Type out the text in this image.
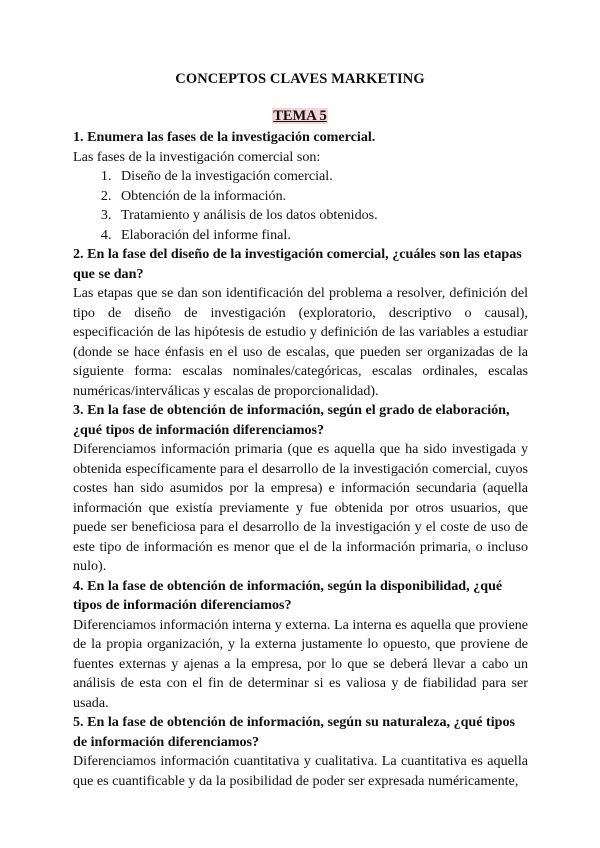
CONCEPTOS CLAVES MARKETING
TEMA 5

1. Enumera las fases de la investigación comercial.

Las fases de la investigación comercial son:

1. Diseño de la investigación comercial.
2. Obtención de la información.
3. Tratamiento y análisis de los datos obtenidos.
4. Elaboración del informe final.

2. En la fase del diseño de la investigación comercial, ¿cuáles son las etapas que se dan?

Las etapas que se dan son identificación del problema a resolver, definición del tipo de diseño de investigación (exploratorio, descriptivo o causal), especificación de las hipótesis de estudio y definición de las variables a estudiar (donde se hace énfasis en el uso de escalas, que pueden ser organizadas de la siguiente forma: escalas nominales/categóricas, escalas ordinales, escalas numéricas/interválicas y escalas de proporcionalidad).

3. En la fase de obtención de información, según el grado de elaboración, ¿qué tipos de información diferenciamos?

Diferenciamos información primaria (que es aquella que ha sido investigada y obtenida específicamente para el desarrollo de la investigación comercial, cuyos costes han sido asumidos por la empresa) e información secundaria (aquella información que existía previamente y fue obtenida por otros usuarios, que puede ser beneficiosa para el desarrollo de la investigación y el coste de uso de este tipo de información es menor que el de la información primaria, o incluso nulo).

4. En la fase de obtención de información, según la disponibilidad, ¿qué tipos de información diferenciamos?

Diferenciamos información interna y externa. La interna es aquella que proviene de la propia organización, y la externa justamente lo opuesto, que proviene de fuentes externas y ajenas a la empresa, por lo que se deberá llevar a cabo un análisis de esta con el fin de determinar si es valiosa y de fiabilidad para ser usada.

5. En la fase de obtención de información, según su naturaleza, ¿qué tipos de información diferenciamos?

Diferenciamos información cuantitativa y cualitativa. La cuantitativa es aquella que es cuantificable y da la posibilidad de poder ser expresada numéricamente,
